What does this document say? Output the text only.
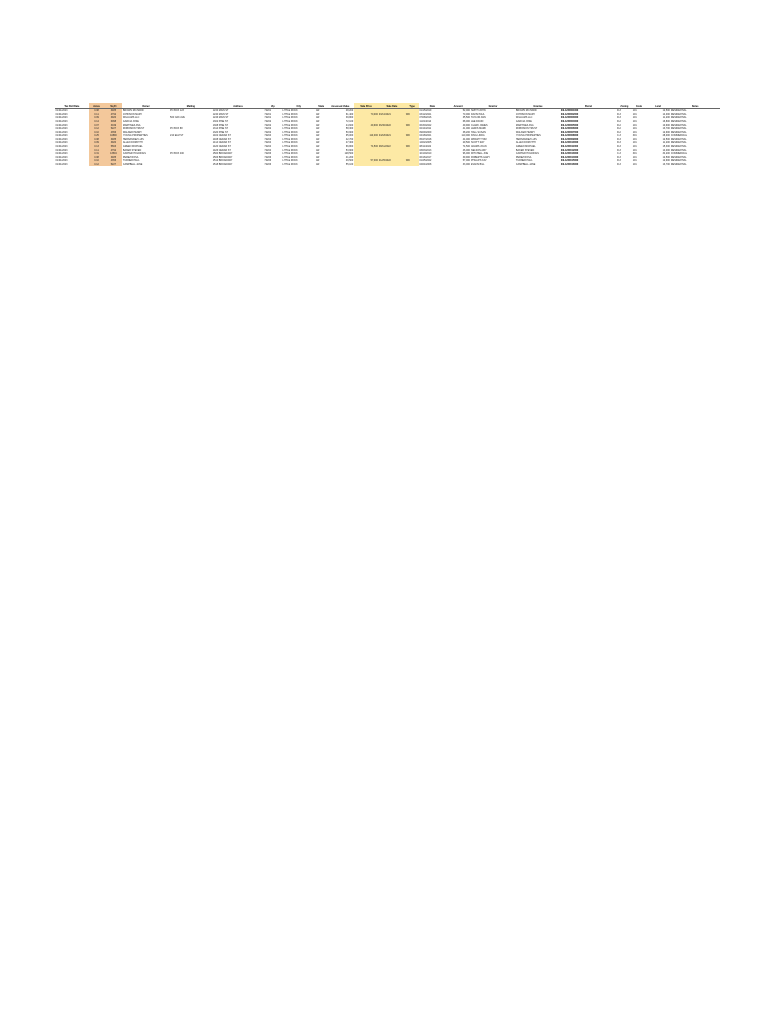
Tax Roll Date	Acres	Sq Ft	Owner	Mailing	Address	Zip	City	State	Assessed Value	Sale Price	Sale Date	Type	Date	Amount	Grantor	Grantee	Parcel	Zoning	Code	Land	Notes
01/01/2023	0.08	3485	BROWN RICHARD	PO BOX 123	1234 MAIN ST	72201	LITTLE ROCK	AR	48,200				01/15/2019	52,000	SMITH JOHN	BROWN RICHARD	34L1230001000	R-3	101	12,500	RESIDENTIAL
01/01/2023	0.11	4792	JOHNSON MARY		1240 MAIN ST	72201	LITTLE ROCK	AR	61,400	70,000	03/12/2021	WD	03/12/2021	70,000	DAVIS PAUL	JOHNSON MARY	34L1230002000	R-3	101	14,000	RESIDENTIAL
01/01/2023	0.09	3920	WILLIAMS LLC	500 OAK AVE	1246 MAIN ST	72201	LITTLE ROCK	AR	39,800				07/08/2016	35,500	TAYLOR ANN	WILLIAMS LLC	34L1230003000	R-3	101	11,200	RESIDENTIAL
01/01/2023	0.14	6098	GARCIA JOSE		1302 PINE ST	72202	LITTLE ROCK	AR	72,100				11/21/2014	68,000	LEE DAVID	GARCIA JOSE	34L1230004000	R-2	101	16,800	RESIDENTIAL
01/01/2023	0.07	3049	MARTINEZ ANA		1308 PINE ST	72202	LITTLE ROCK	AR	44,600	49,900	06/30/2022	WD	06/30/2022	49,900	CLARK JAMES	MARTINEZ ANA	34L1230005000	R-2	101	10,900	RESIDENTIAL
01/01/2023	0.12	5227	ROBINSON TRUST	PO BOX 88	1314 PINE ST	72202	LITTLE ROCK	AR	58,300				02/14/2011	41,000	LEWIS MARK	ROBINSON TRUST	34L1230006000	R-2	101	13,700	RESIDENTIAL
01/01/2023	0.10	4356	WALKER HENRY		1320 PINE ST	72202	LITTLE ROCK	AR	50,900				09/09/2009	38,200	HALL SUSAN	WALKER HENRY	34L1230007000	R-2	101	12,900	RESIDENTIAL
01/01/2023	0.25	10890	YOUNG PROPERTIES	210 ELM ST	1402 CEDAR ST	72204	LITTLE ROCK	AR	95,000	110,000	04/18/2021	WD	04/18/2021	110,000	KING LINDA	YOUNG PROPERTIES	34L1230008000	C-3	301	28,000	COMMERCIAL
01/01/2023	0.08	3485	HERNANDEZ LUIS		1408 CEDAR ST	72204	LITTLE ROCK	AR	42,700				05/27/2018	44,000	WRIGHT TOM	HERNANDEZ LUIS	34L1230009000	R-3	101	12,500	RESIDENTIAL
01/01/2023	0.09	3920	ALLEN DOROTHY		1414 CEDAR ST	72204	LITTLE ROCK	AR	47,300				12/02/2005	29,500	SCOTT RAY	ALLEN DOROTHY	34L1230010000	R-3	101	11,200	RESIDENTIAL
01/01/2023	0.13	5663	GREEN MICHAEL		1420 CEDAR ST	72204	LITTLE ROCK	AR	66,800	74,500	08/11/2022	WD	08/11/2022	74,500	ADAMS JOAN	GREEN MICHAEL	34L1230011000	R-3	101	15,300	RESIDENTIAL
01/01/2023	0.11	4792	BAKER STEVEN		1426 CEDAR ST	72204	LITTLE ROCK	AR	53,900				03/03/2013	46,000	NELSON AMY	BAKER STEVEN	34L1230012000	R-3	101	14,000	RESIDENTIAL
01/01/2023	0.31	13504	CARTER HOLDINGS	PO BOX 400	1500 BROADWAY	72206	LITTLE ROCK	AR	128,500				10/10/2010	96,000	MITCHELL JOE	CARTER HOLDINGS	34L1230013000	C-3	301	34,200	COMMERCIAL
01/01/2023	0.08	3485	PEREZ ROSA		1506 BROADWAY	72206	LITTLE ROCK	AR	41,200				06/16/2017	39,900	ROBERTS GARY	PEREZ ROSA	34L1230014000	R-3	101	12,500	RESIDENTIAL
01/01/2023	0.10	4356	TURNER PAUL		1512 BROADWAY	72206	LITTLE ROCK	AR	49,500	57,000	01/25/2022	WD	01/25/2022	57,000	PHILLIPS KAY	TURNER PAUL	34L1230015000	R-3	101	12,900	RESIDENTIAL
01/01/2023	0.12	5227	CAMPBELL JANE		1518 BROADWAY	72206	LITTLE ROCK	AR	55,100				04/04/2008	33,000	EVANS BILL	CAMPBELL JANE	34L1230016000	R-3	101	13,700	RESIDENTIAL
